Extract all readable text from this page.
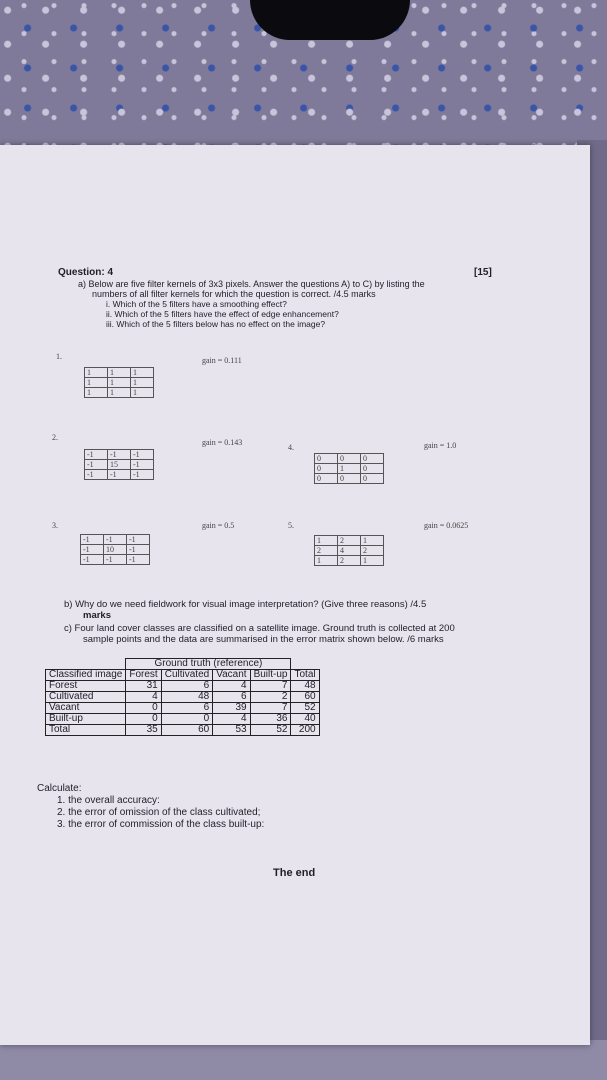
Question: 4	[15]
a) Below are five filter kernels of 3x3 pixels. Answer the questions A) to C) by listing the
numbers of all filter kernels for which the question is correct. /4.5 marks
i. Which of the 5 filters have a smoothing effect?
ii. Which of the 5 filters have the effect of edge enhancement?
iii. Which of the 5 filters below has no effect on the image?
1.	gain = 0.111
1	1	1
1	1	1
1	1	1
2.
gain = 0.143
-1	-1	-1
-1	15	-1
-1	-1	-1
4.	gain = 1.0
0	0	0
0	1	0
0	0	0
3.	gain = 0.5
-1	-1	-1
-1	10	-1
-1	-1	-1
5.	gain = 0.0625
1	2	1
2	4	2
1	2	1
b) Why do we need fieldwork for visual image interpretation? (Give three reasons) /4.5
marks
c) Four land cover classes are classified on a satellite image. Ground truth is collected at 200
sample points and the data are summarised in the error matrix shown below. /6 marks
	Ground truth (reference)				
Classified image	Forest	Cultivated	Vacant	Built-up	Total
Forest	31	6	4	7	48
Cultivated	4	48	6	2	60
Vacant	0	6	39	7	52
Built-up	0	0	4	36	40
Total	35	60	53	52	200
Calculate:
1. the overall accuracy:
2. the error of omission of the class cultivated;
3. the error of commission of the class built-up:
The end
